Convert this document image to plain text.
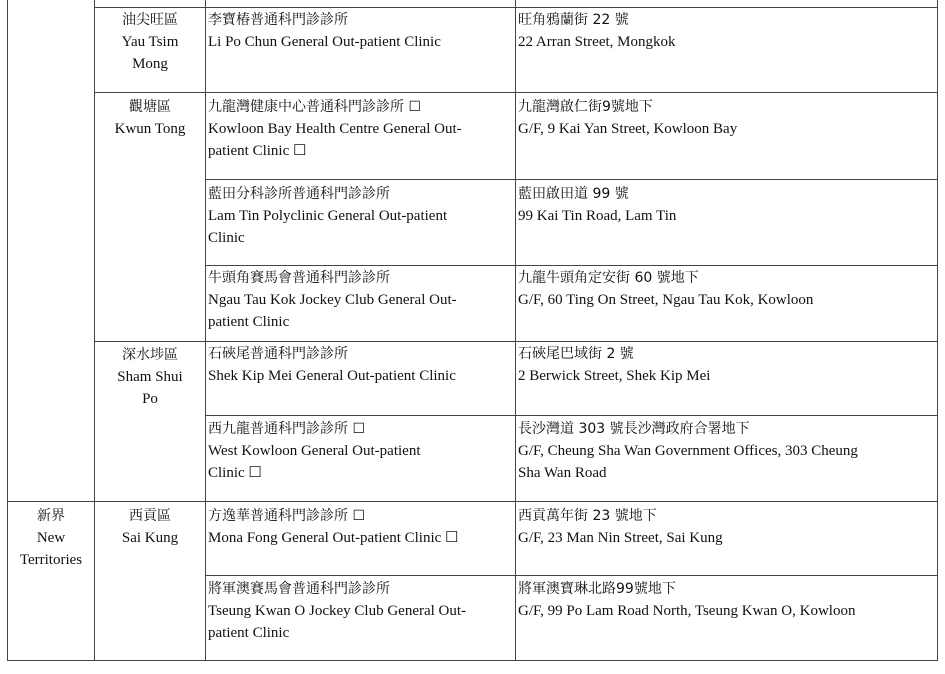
新界
New
Territories
油尖旺區
Yau Tsim
Mong
觀塘區
Kwun Tong
深水埗區
Sham Shui
Po
西貢區
Sai Kung
李寶椿普通科門診診所
Li Po Chun General Out-patient Clinic
旺角鴉蘭街 22 號
22 Arran Street, Mongkok
九龍灣健康中心普通科門診診所 ☐
Kowloon Bay Health Centre General Out-
patient Clinic ☐
九龍灣啟仁街9號地下
G/F, 9 Kai Yan Street, Kowloon Bay
藍田分科診所普通科門診診所
Lam Tin Polyclinic General Out-patient
Clinic
藍田啟田道 99 號
99 Kai Tin Road, Lam Tin
牛頭角賽馬會普通科門診診所
Ngau Tau Kok Jockey Club General Out-
patient Clinic
九龍牛頭角定安街 60 號地下
G/F, 60 Ting On Street, Ngau Tau Kok, Kowloon
石硤尾普通科門診診所
Shek Kip Mei General Out-patient Clinic
石硤尾巴域街 2 號
2 Berwick Street, Shek Kip Mei
西九龍普通科門診診所 ☐
West Kowloon General Out-patient
Clinic ☐
長沙灣道 303 號長沙灣政府合署地下
G/F, Cheung Sha Wan Government Offices, 303 Cheung
Sha Wan Road
方逸華普通科門診診所 ☐
Mona Fong General Out-patient Clinic ☐
西貢萬年街 23 號地下
G/F, 23 Man Nin Street, Sai Kung
將軍澳賽馬會普通科門診診所
Tseung Kwan O Jockey Club General Out-
patient Clinic
將軍澳寶琳北路99號地下
G/F, 99 Po Lam Road North, Tseung Kwan O, Kowloon
